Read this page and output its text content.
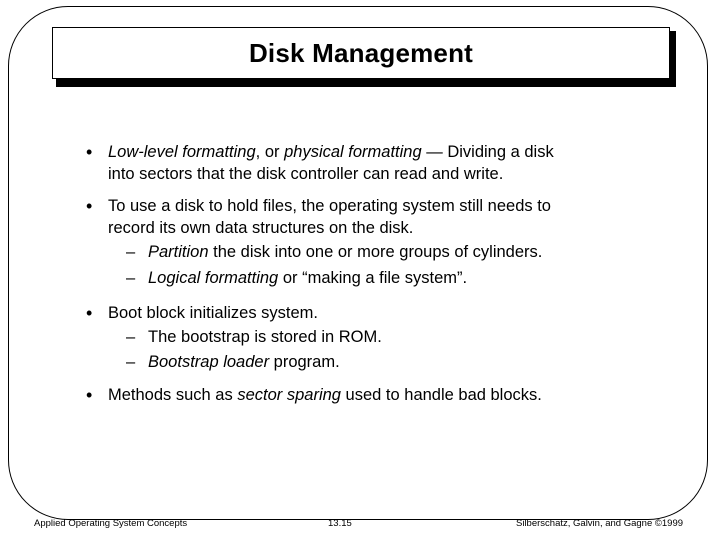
Disk Management
• Low-level formatting, or physical formatting — Dividing a disk
into sectors that the disk controller can read and write.
• To use a disk to hold files, the operating system still needs to
record its own data structures on the disk.
– Partition the disk into one or more groups of cylinders.
– Logical formatting or “making a file system”.
• Boot block initializes system.
– The bootstrap is stored in ROM.
– Bootstrap loader program.
• Methods such as sector sparing used to handle bad blocks.
Applied Operating System Concepts	13.15	Silberschatz, Galvin, and Gagne ©1999
